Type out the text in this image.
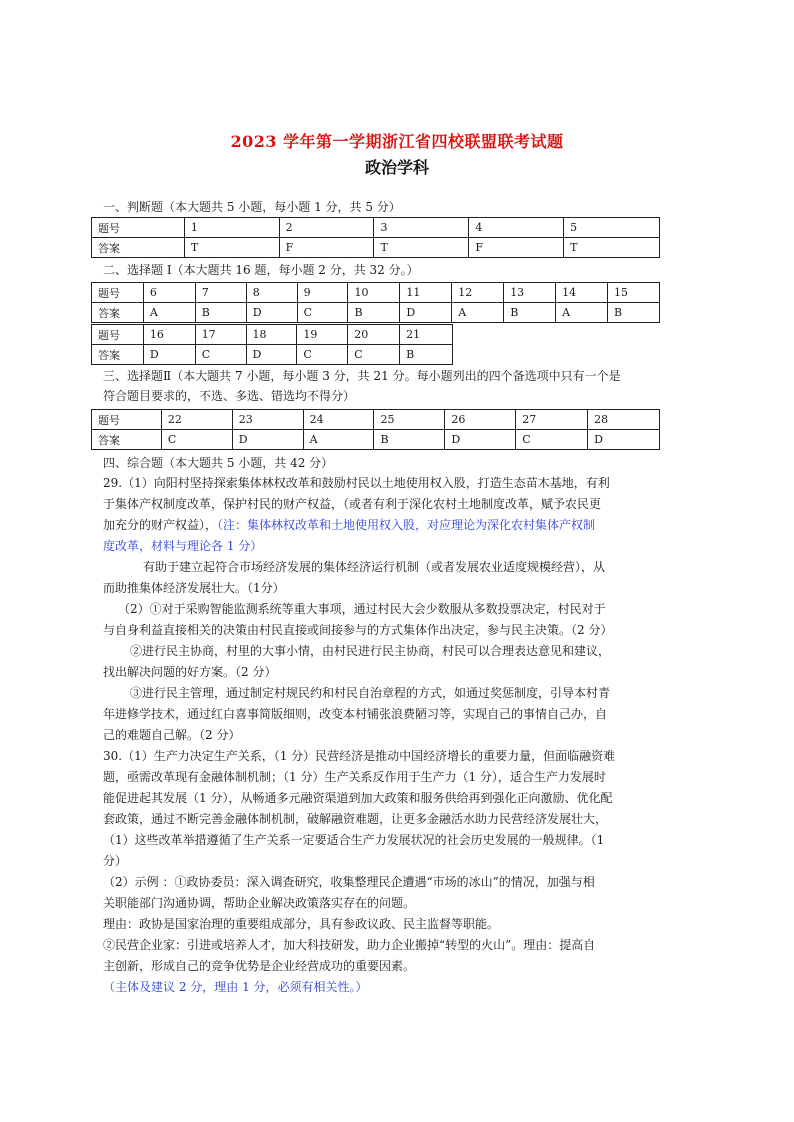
2023 学年第一学期浙江省四校联盟联考试题
政治学科
一、判断题（本大题共 5 小题，每小题 1 分，共 5 分）
题号	1	2	3	4	5
答案	T	F	T	F	T
二、选择题 I（本大题共 16 题，每小题 2 分，共 32 分。）
题号	6	7	8	9	10	11	12	13	14	15
答案	A	B	D	C	B	D	A	B	A	B
题号	16	17	18	19	20	21
答案	D	C	D	C	C	B
三、选择题Ⅱ（本大题共 7 小题，每小题 3 分，共 21 分。每小题列出的四个备选项中只有一个是
符合题目要求的，不选、多选、错选均不得分）
题号	22	23	24	25	26	27	28
答案	C	D	A	B	D	C	D
四、综合题（本大题共 5 小题，共 42 分）
29.（1）向阳村坚持探索集体林权改革和鼓励村民以土地使用权入股，打造生态苗木基地，有利
于集体产权制度改革，保护村民的财产权益，（或者有利于深化农村土地制度改革，赋予农民更
加充分的财产权益），（注：集体林权改革和土地使用权入股，对应理论为深化农村集体产权制
度改革，材料与理论各 1 分）
有助于建立起符合市场经济发展的集体经济运行机制（或者发展农业适度规模经营），从
而助推集体经济发展壮大。（1分）
（2）①对于采购智能监测系统等重大事项，通过村民大会少数服从多数投票决定，村民对于
与自身利益直接相关的决策由村民直接或间接参与的方式集体作出决定，参与民主决策。（2 分）
②进行民主协商，村里的大事小情，由村民进行民主协商，村民可以合理表达意见和建议，
找出解决问题的好方案。（2 分）
③进行民主管理，通过制定村规民约和村民自治章程的方式，如通过奖惩制度，引导本村青
年进修学技术，通过红白喜事简版细则，改变本村铺张浪费陋习等，实现自己的事情自己办，自
己的难题自己解。（2 分）
30.（1）生产力决定生产关系，（1 分）民营经济是推动中国经济增长的重要力量，但面临融资难
题，亟需改革现有金融体制机制；（1 分）生产关系反作用于生产力（1 分），适合生产力发展时
能促进起其发展（1 分），从畅通多元融资渠道到加大政策和服务供给再到强化正向激励、优化配
套政策，通过不断完善金融体制机制，破解融资难题，让更多金融活水助力民营经济发展壮大，
（1）这些改革举措遵循了生产关系一定要适合生产力发展状况的社会历史发展的一般规律。（1
分）
（2）示例 ：①政协委员：深入调查研究，收集整理民企遭遇“市场的冰山”的情况，加强与相
关职能部门沟通协调，帮助企业解决政策落实存在的问题。
理由：政协是国家治理的重要组成部分，具有参政议政、民主监督等职能。
②民营企业家：引进或培养人才，加大科技研发，助力企业搬掉“转型的火山”。理由：提高自
主创新，形成自己的竞争优势是企业经营成功的重要因素。
（主体及建议 2 分，理由 1 分，必须有相关性。）
